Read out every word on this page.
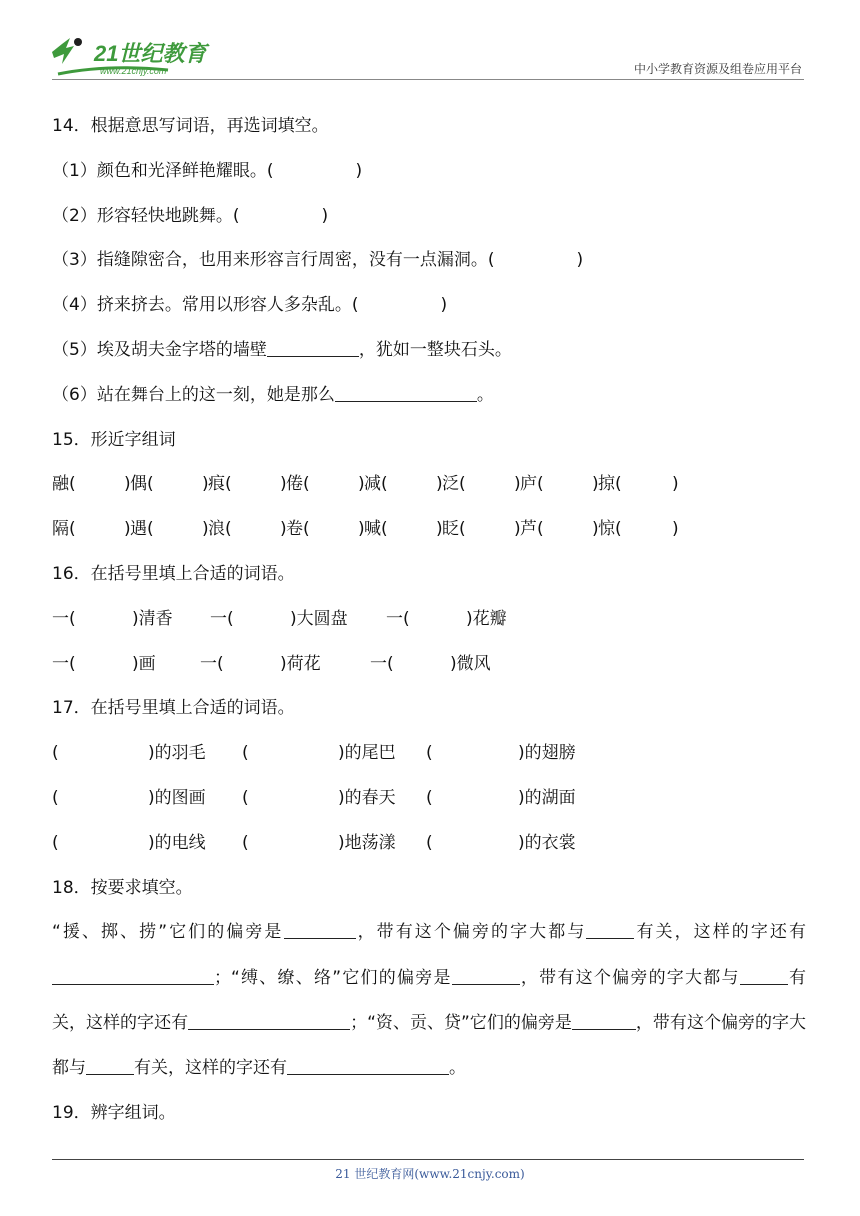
21世纪教育
www.21cnjy.com	中小学教育资源及组卷应用平台
14．根据意思写词语，再选词填空。
（1）颜色和光泽鲜艳耀眼。(	)
（2）形容轻快地跳舞。(	)
（3）指缝隙密合，也用来形容言行周密，没有一点漏洞。(	)
（4）挤来挤去。常用以形容人多杂乱。(	)
（5）埃及胡夫金字塔的墙壁	，犹如一整块石头。
（6）站在舞台上的这一刻，她是那么	。
15．形近字组词
融(	) 偶(	) 痕(	) 倦(	) 减(	) 泛(	) 庐(	) 掠(	)
隔(	) 遇(	) 浪(	) 卷(	) 喊(	) 眨(	) 芦(	) 惊(	)
16．在括号里填上合适的词语。
一(	)清香 一(	)大圆盘 一(	)花瓣
一(	)画	一(	)荷花	一(	)微风
17．在括号里填上合适的词语。
(	)的羽毛 (	)的尾巴 (	)的翅膀
(	)的图画 (	)的春天 (	)的湖面
(	)的电线 (	)地荡漾 (	)的衣裳
18．按要求填空。
“援、掷、捞”它们的偏旁是	，带有这个偏旁的字大都与	有关，这样的字还有；“缚、缭、络”它们的偏旁是	，带有这个偏旁的字大都与	有关，这样的字还有	；“资、贡、贷”它们的偏旁是	，带有这个偏旁的字大都与	有关，这样的字还有	。
19．辨字组词。
21 世纪教育网(www.21cnjy.com)
